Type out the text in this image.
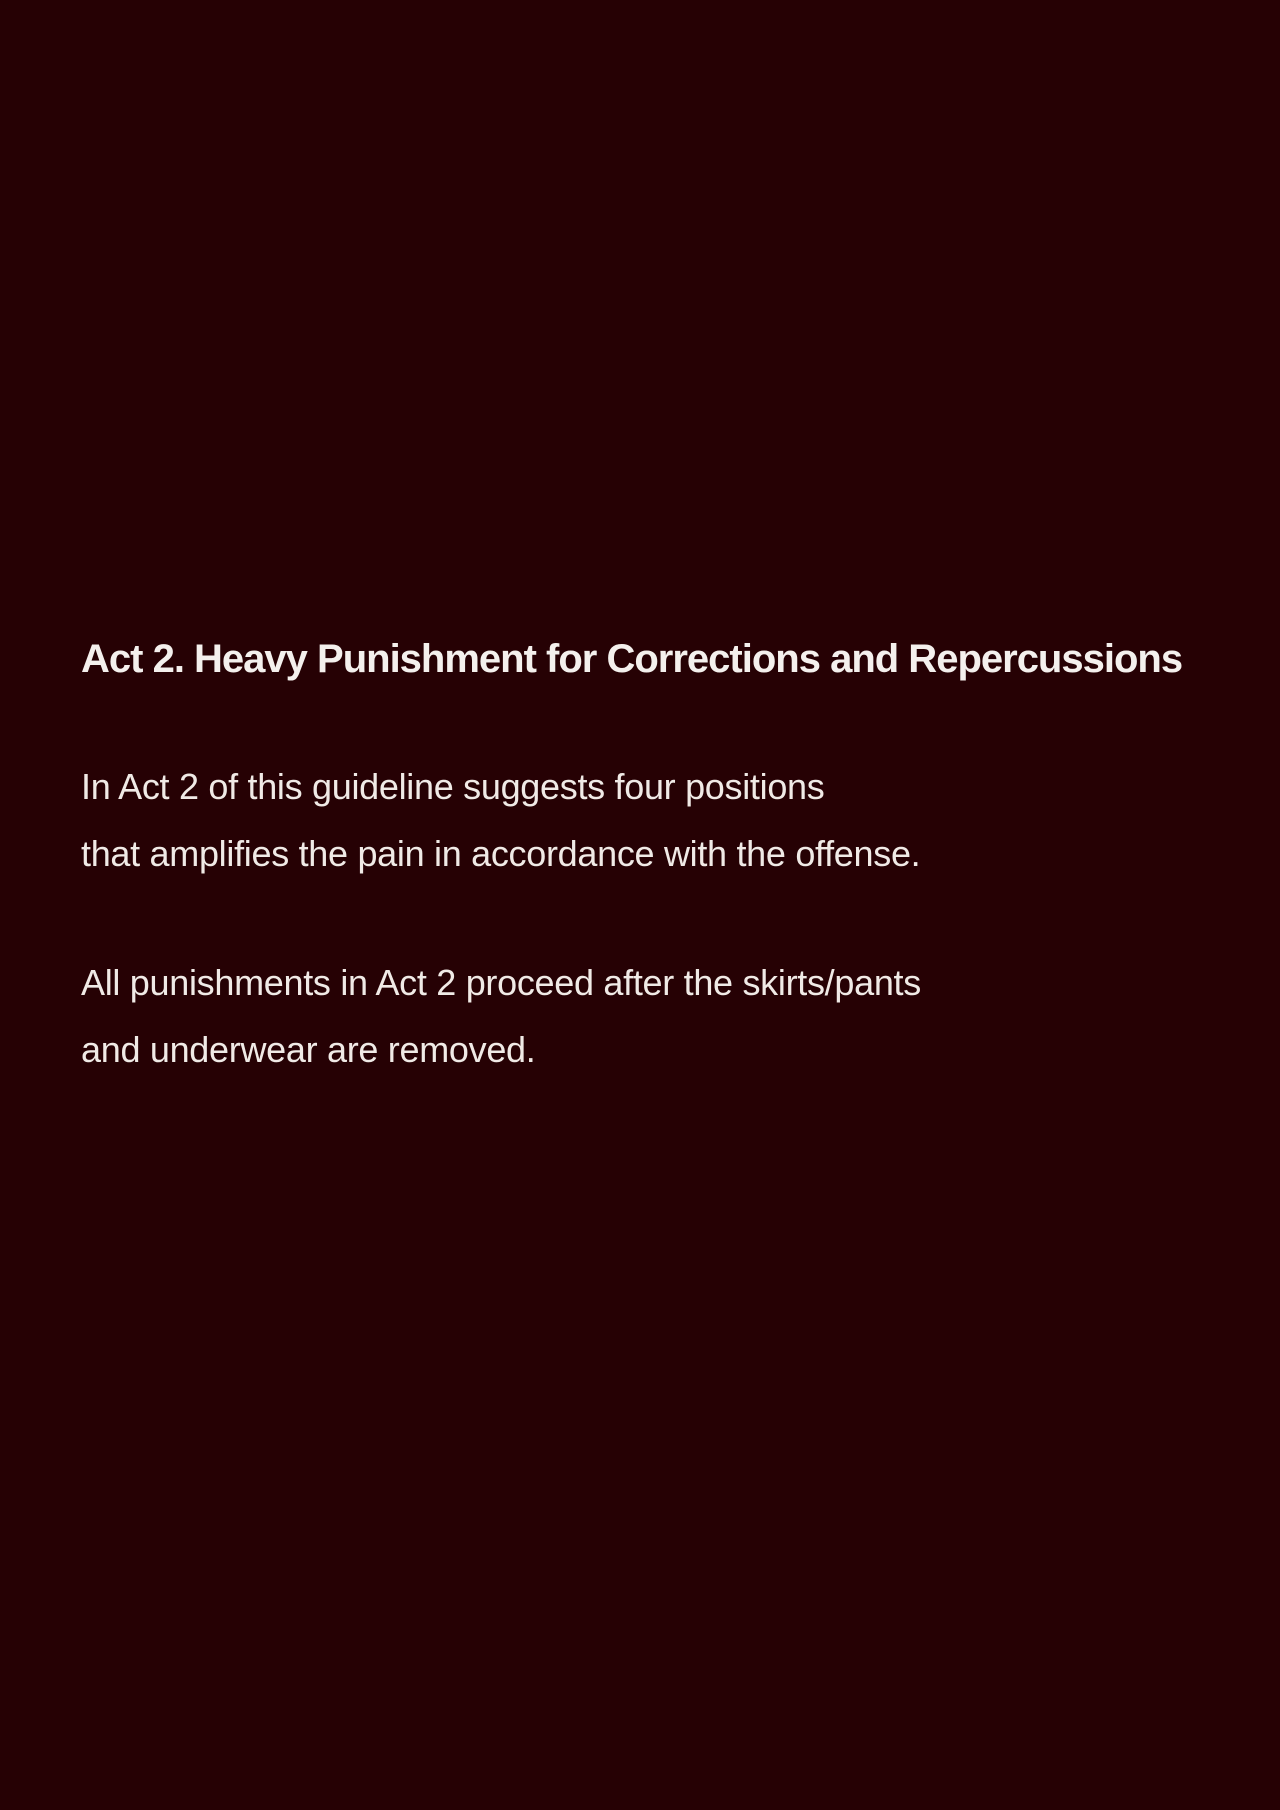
Act 2. Heavy Punishment for Corrections and Repercussions
In Act 2 of this guideline suggests four positions
that amplifies the pain in accordance with the offense.
All punishments in Act 2 proceed after the skirts/pants
and underwear are removed.
